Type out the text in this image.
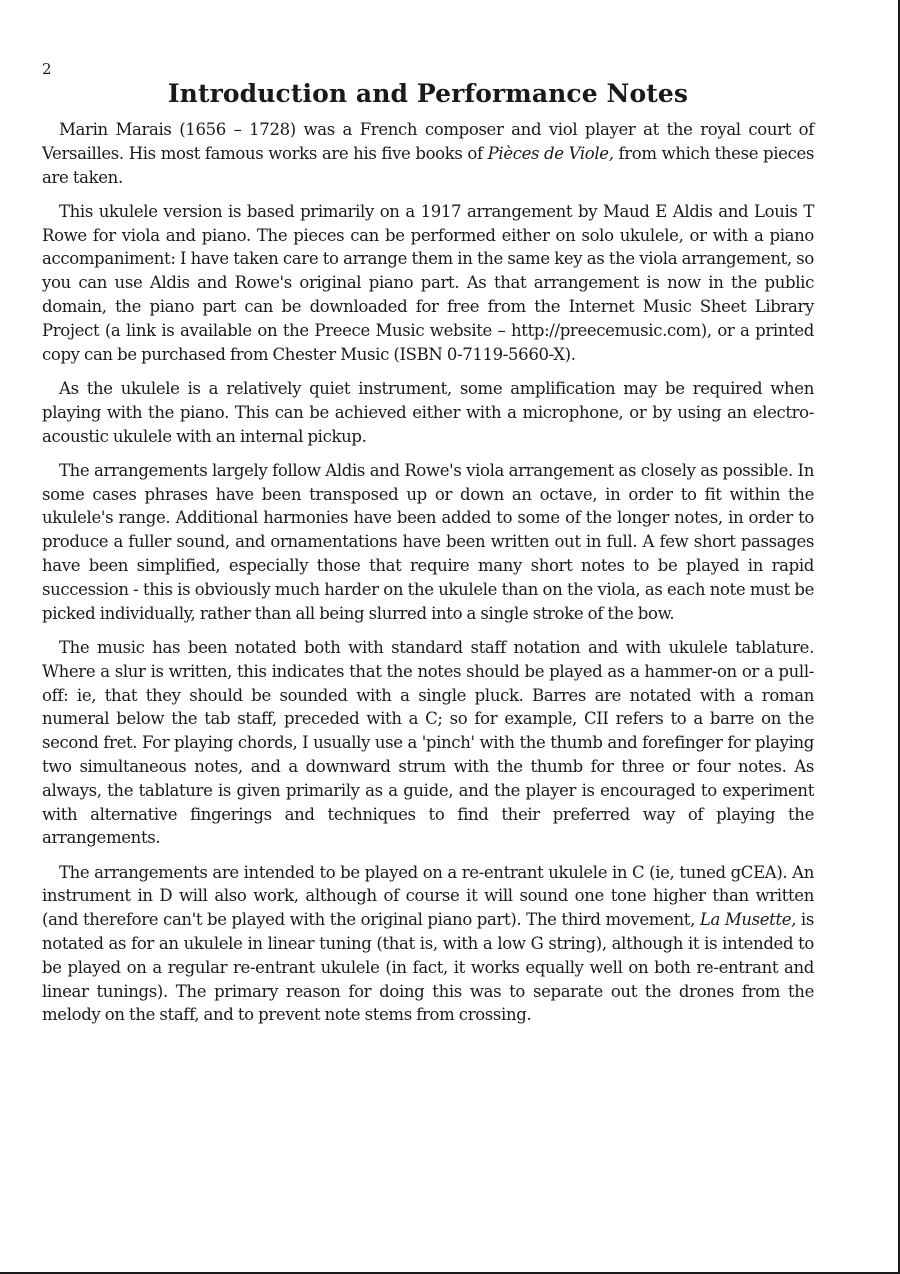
2
Introduction and Performance Notes

Marin Marais (1656 – 1728) was a French composer and viol player at the royal court of Versailles. His most famous works are his five books of Pièces de Viole, from which these pieces are taken.

This ukulele version is based primarily on a 1917 arrangement by Maud E Aldis and Louis T Rowe for viola and piano. The pieces can be performed either on solo ukulele, or with a piano accompaniment: I have taken care to arrange them in the same key as the viola arrangement, so you can use Aldis and Rowe's original piano part. As that arrangement is now in the public domain, the piano part can be downloaded for free from the Internet Music Sheet Library Project (a link is available on the Preece Music website – http://preecemusic.com), or a printed copy can be purchased from Chester Music (ISBN 0-7119-5660-X).

As the ukulele is a relatively quiet instrument, some amplification may be required when playing with the piano. This can be achieved either with a microphone, or by using an electro-acoustic ukulele with an internal pickup.

The arrangements largely follow Aldis and Rowe's viola arrangement as closely as possible. In some cases phrases have been transposed up or down an octave, in order to fit within the ukulele's range. Additional harmonies have been added to some of the longer notes, in order to produce a fuller sound, and ornamentations have been written out in full. A few short passages have been simplified, especially those that require many short notes to be played in rapid succession - this is obviously much harder on the ukulele than on the viola, as each note must be picked individually, rather than all being slurred into a single stroke of the bow.

The music has been notated both with standard staff notation and with ukulele tablature. Where a slur is written, this indicates that the notes should be played as a hammer-on or a pull-off: ie, that they should be sounded with a single pluck. Barres are notated with a roman numeral below the tab staff, preceded with a C; so for example, CII refers to a barre on the second fret. For playing chords, I usually use a 'pinch' with the thumb and forefinger for playing two simultaneous notes, and a downward strum with the thumb for three or four notes. As always, the tablature is given primarily as a guide, and the player is encouraged to experiment with alternative fingerings and techniques to find their preferred way of playing the arrangements.

The arrangements are intended to be played on a re-entrant ukulele in C (ie, tuned gCEA). An instrument in D will also work, although of course it will sound one tone higher than written (and therefore can't be played with the original piano part). The third movement, La Musette, is notated as for an ukulele in linear tuning (that is, with a low G string), although it is intended to be played on a regular re-entrant ukulele (in fact, it works equally well on both re-entrant and linear tunings). The primary reason for doing this was to separate out the drones from the melody on the staff, and to prevent note stems from crossing.
